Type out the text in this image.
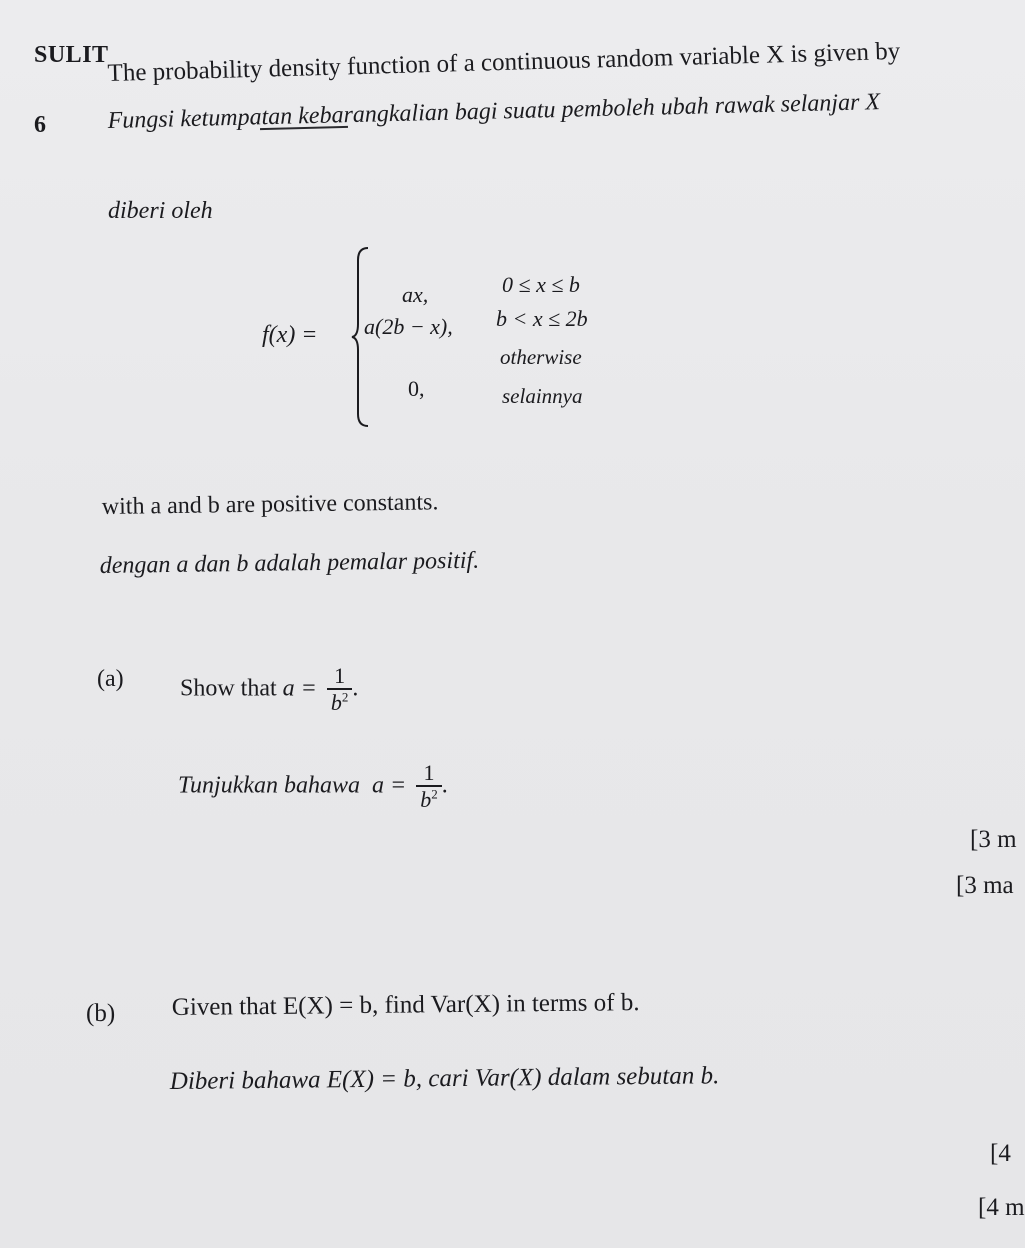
SULIT
6
The probability density function of a continuous random variable X is given by
Fungsi ketumpatan kebarangkalian bagi suatu pemboleh ubah rawak selanjar X
diberi oleh
f(x) =
ax,	0 ≤ x ≤ b
a(2b − x), b < x ≤ 2b
otherwise
0,	selainnya
with a and b are positive constants.
dengan a dan b adalah pemalar positif.
(a) Show that $a = \frac{1}{b^2}$ .
Tunjukkan bahawa $a = \frac{1}{b^2}$ .
[3 m
[3 ma
(b) Given that E(X) = b, find Var(X) in terms of b.
Diberi bahawa E(X) = b, cari Var(X) dalam sebutan b.
[4
[4 m
